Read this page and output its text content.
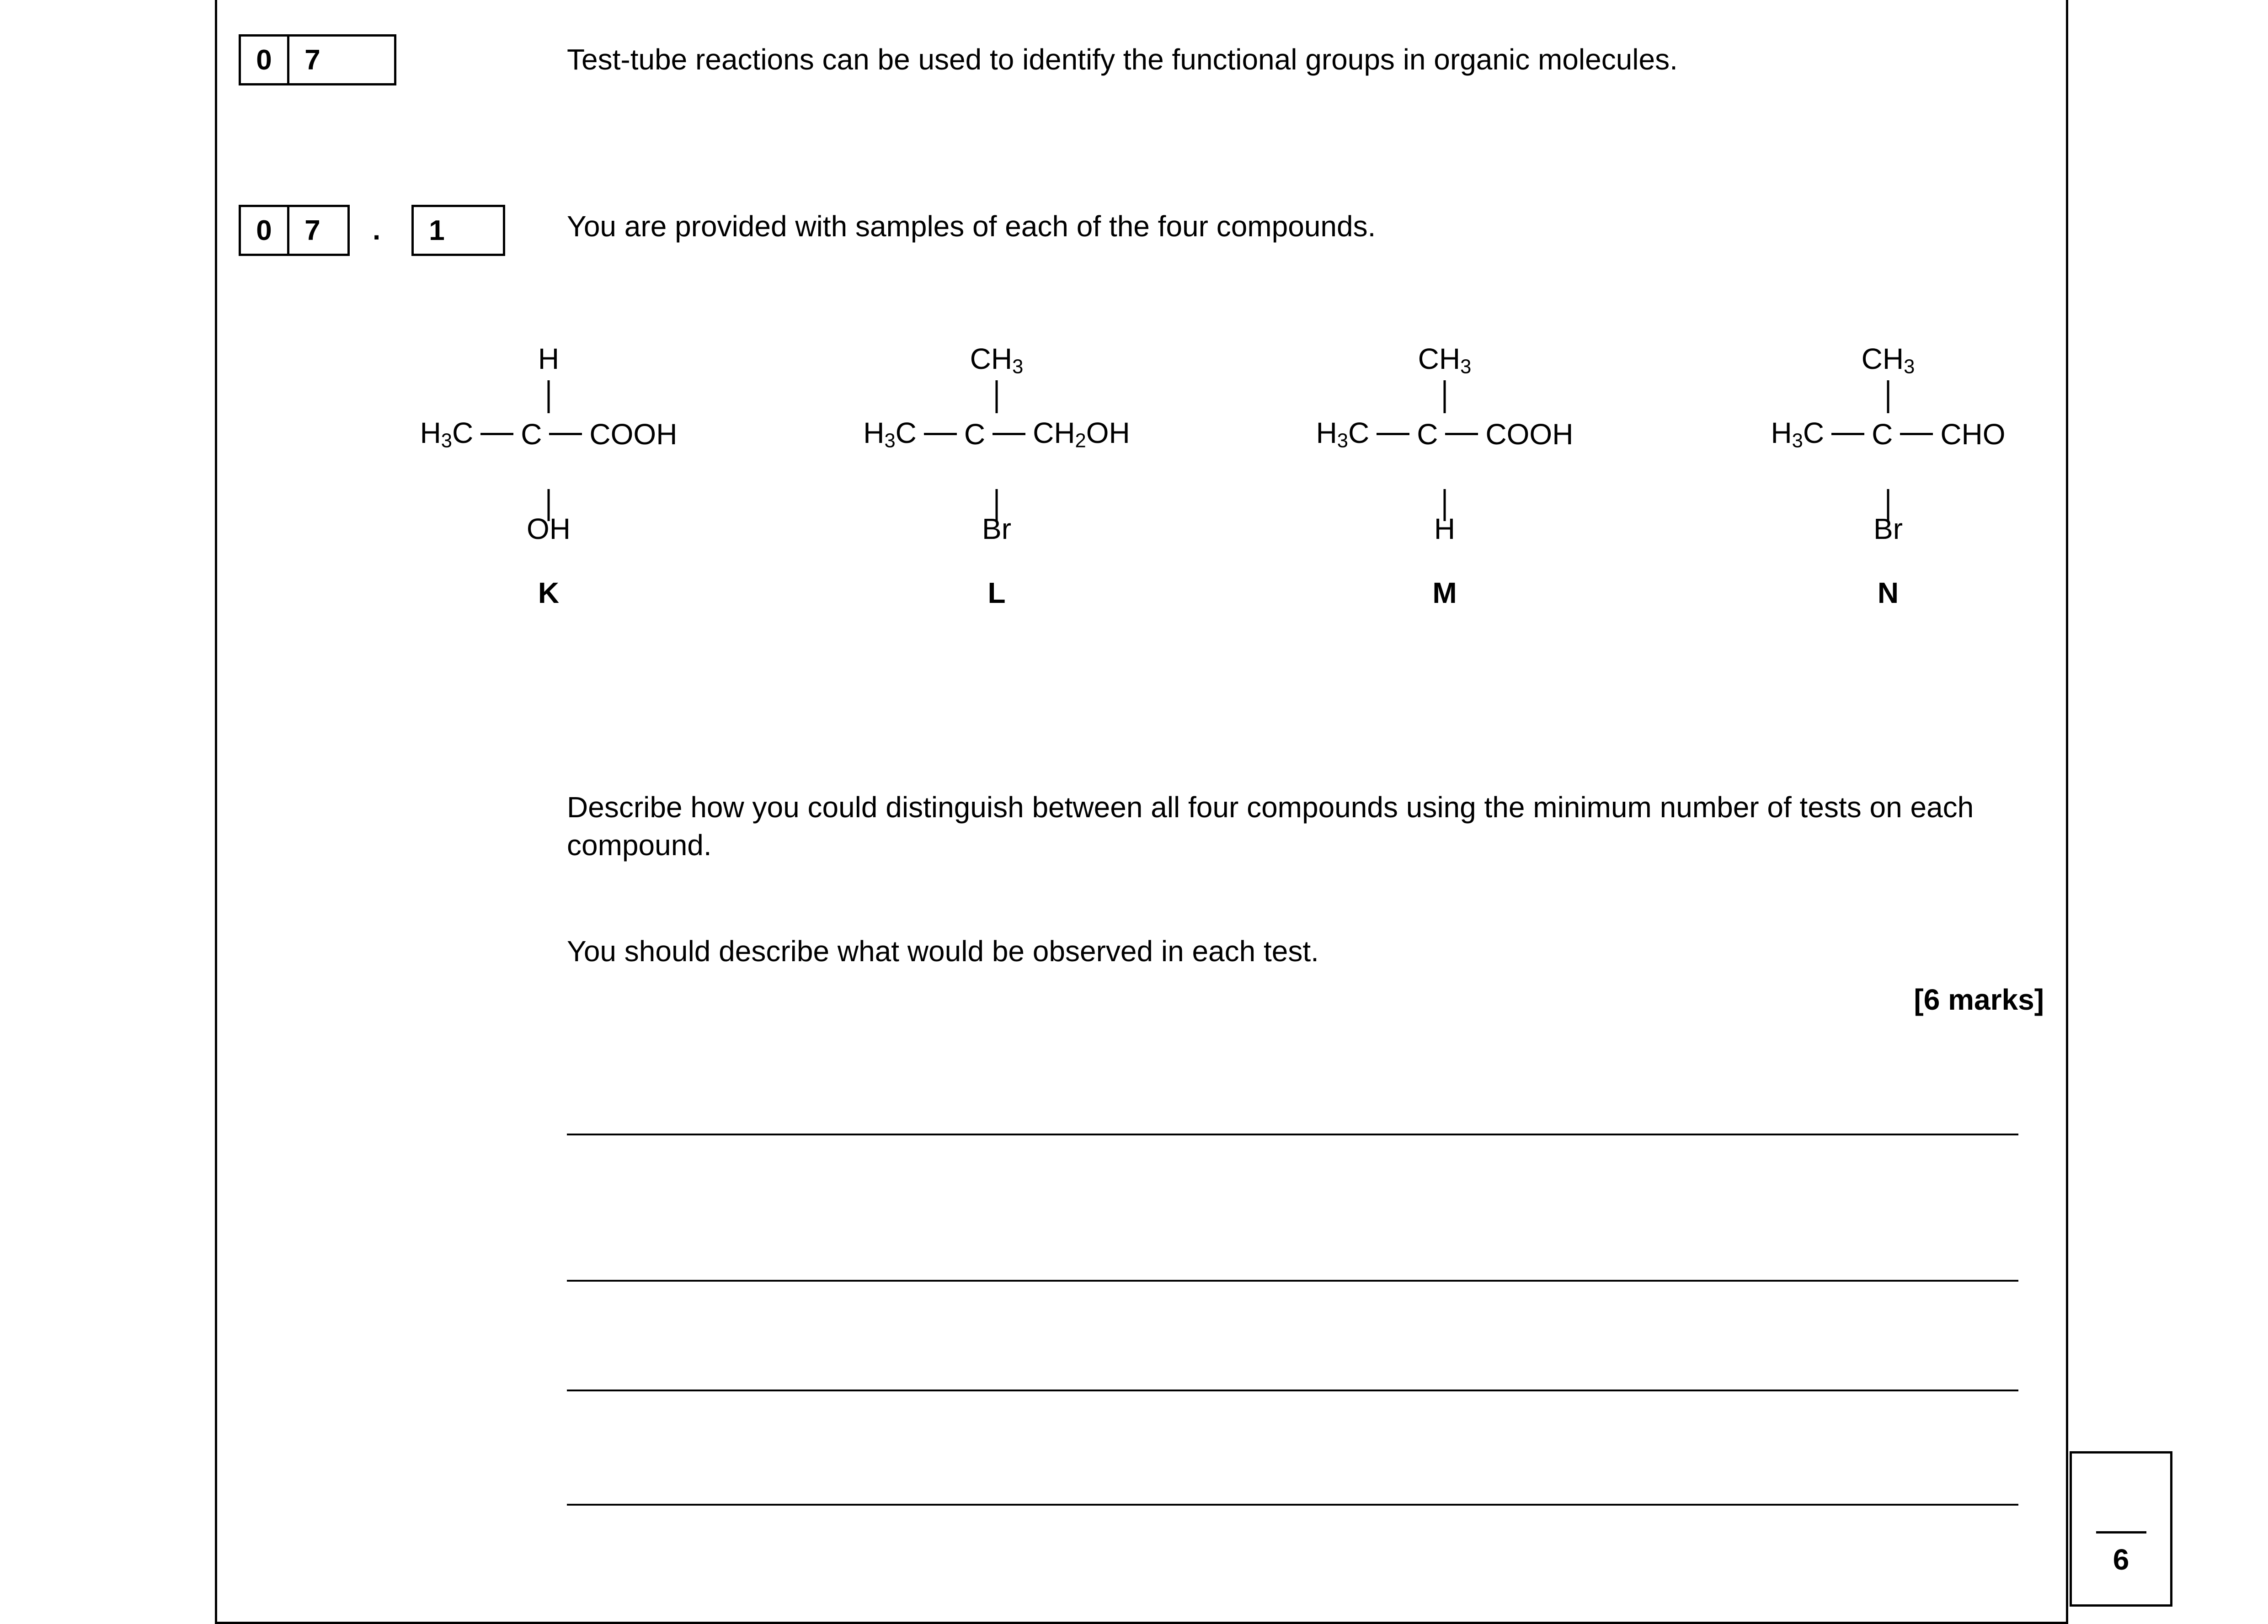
0	7	Test-tube reactions can be used to identify the functional groups in organic molecules.
0	7	.	1	You are provided with samples of each of the four compounds.
H
$H_3C$ C COOH
OH
K
$CH_3$
$H_3C$ C $CH_2OH$
Br
L
$CH_3$
$H_3C$ C COOH
H
M
$CH_3$
$H_3C$ C CHO
Br
N
Describe how you could distinguish between all four compounds using the minimum number of tests on each compound.
You should describe what would be observed in each test.
[6 marks]
6
